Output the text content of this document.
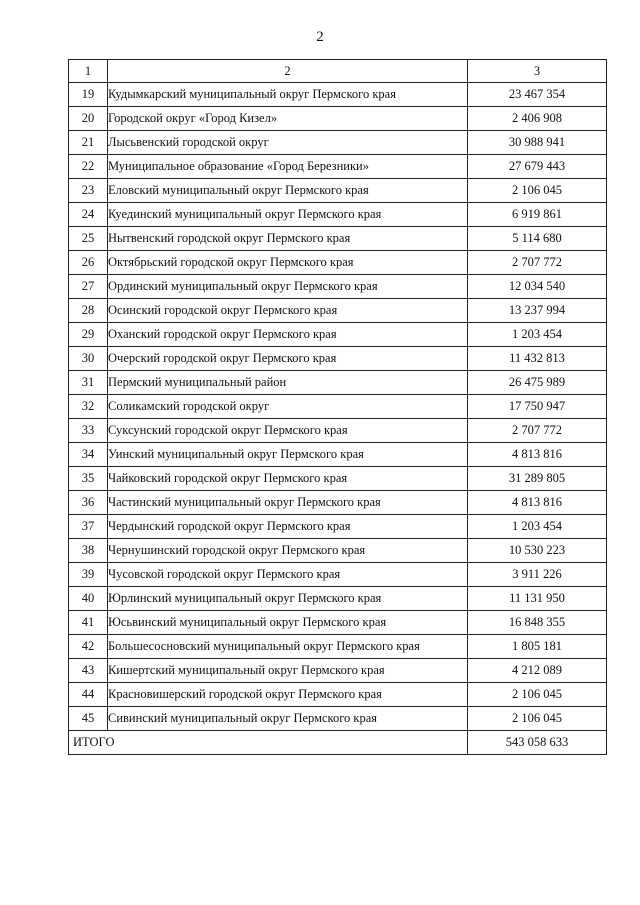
2
1	2	3
19	Кудымкарский муниципальный округ Пермского края	23 467 354
20	Городской округ «Город Кизел»	2 406 908
21	Лысьвенский городской округ	30 988 941
22	Муниципальное образование «Город Березники»	27 679 443
23	Еловский муниципальный округ Пермского края	2 106 045
24	Куединский муниципальный округ Пермского края	6 919 861
25	Нытвенский городской округ Пермского края	5 114 680
26	Октябрьский городской округ Пермского края	2 707 772
27	Ординский муниципальный округ Пермского края	12 034 540
28	Осинский городской округ Пермского края	13 237 994
29	Оханский городской округ Пермского края	1 203 454
30	Очерский городской округ Пермского края	11 432 813
31	Пермский муниципальный район	26 475 989
32	Соликамский городской округ	17 750 947
33	Суксунский городской округ Пермского края	2 707 772
34	Уинский муниципальный округ Пермского края	4 813 816
35	Чайковский городской округ Пермского края	31 289 805
36	Частинский муниципальный округ Пермского края	4 813 816
37	Чердынский городской округ Пермского края	1 203 454
38	Чернушинский городской округ Пермского края	10 530 223
39	Чусовской городской округ Пермского края	3 911 226
40	Юрлинский муниципальный округ Пермского края	11 131 950
41	Юсьвинский муниципальный округ Пермского края	16 848 355
42	Большесосновский муниципальный округ Пермского края	1 805 181
43	Кишертский муниципальный округ Пермского края	4 212 089
44	Красновишерский городской округ Пермского края	2 106 045
45	Сивинский муниципальный округ Пермского края	2 106 045
ИТОГО		543 058 633
